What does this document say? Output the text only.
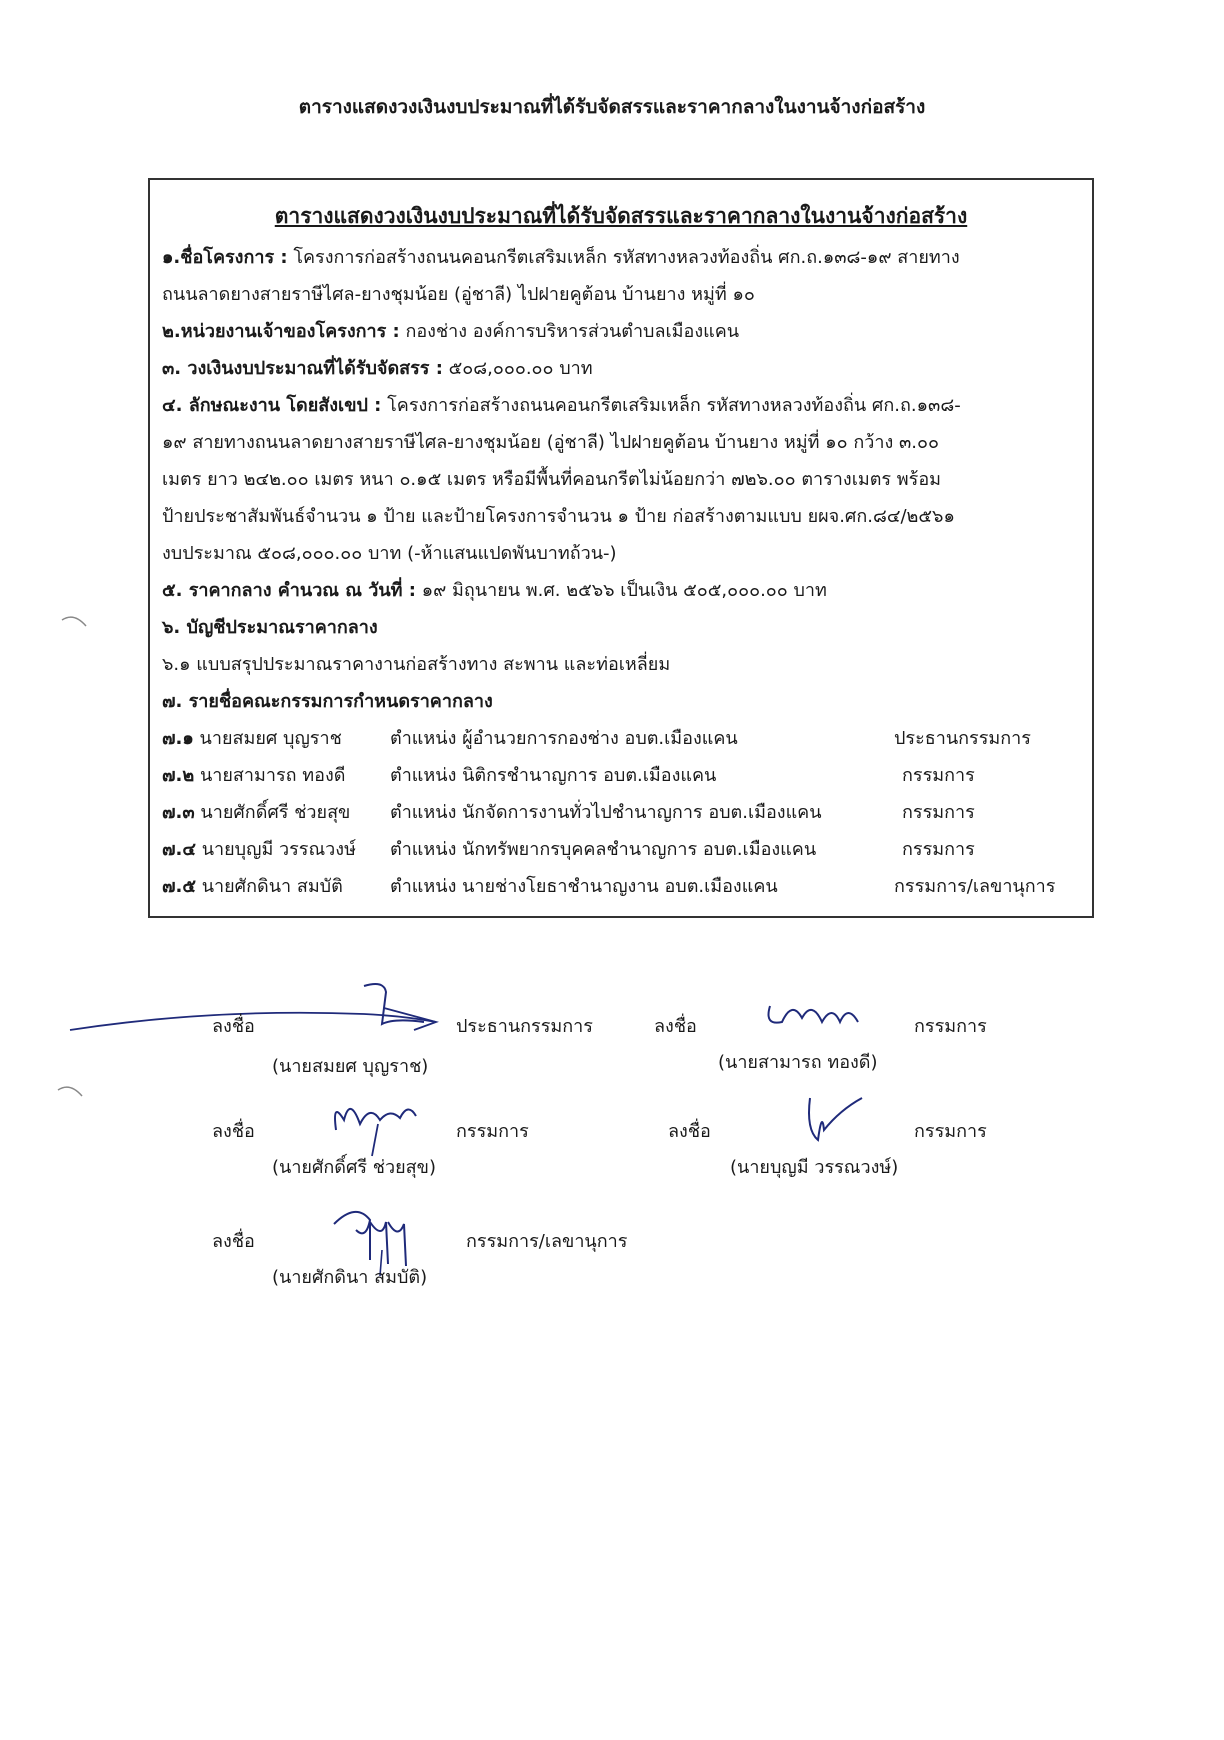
ตารางแสดงวงเงินงบประมาณที่ได้รับจัดสรรและราคากลางในงานจ้างก่อสร้าง
ตารางแสดงวงเงินงบประมาณที่ได้รับจัดสรรและราคากลางในงานจ้างก่อสร้าง
๑.ชื่อโครงการ : โครงการก่อสร้างถนนคอนกรีตเสริมเหล็ก รหัสทางหลวงท้องถิ่น ศก.ถ.๑๓๘-๑๙ สายทาง
ถนนลาดยางสายราษีไศล-ยางชุมน้อย (อู่ชาลี) ไปฝายคูต้อน บ้านยาง หมู่ที่ ๑๐
๒.หน่วยงานเจ้าของโครงการ : กองช่าง องค์การบริหารส่วนตำบลเมืองแคน
๓. วงเงินงบประมาณที่ได้รับจัดสรร : ๕๐๘,๐๐๐.๐๐ บาท
๔. ลักษณะงาน โดยสังเขป : โครงการก่อสร้างถนนคอนกรีตเสริมเหล็ก รหัสทางหลวงท้องถิ่น ศก.ถ.๑๓๘-
๑๙ สายทางถนนลาดยางสายราษีไศล-ยางชุมน้อย (อู่ชาลี) ไปฝายคูต้อน บ้านยาง หมู่ที่ ๑๐ กว้าง ๓.๐๐
เมตร ยาว ๒๔๒.๐๐ เมตร หนา ๐.๑๕ เมตร หรือมีพื้นที่คอนกรีตไม่น้อยกว่า ๗๒๖.๐๐ ตารางเมตร พร้อม
ป้ายประชาสัมพันธ์จำนวน ๑ ป้าย และป้ายโครงการจำนวน ๑ ป้าย ก่อสร้างตามแบบ ยผจ.ศก.๘๔/๒๕๖๑
งบประมาณ ๕๐๘,๐๐๐.๐๐ บาท (-ห้าแสนแปดพันบาทถ้วน-)
๕. ราคากลาง คำนวณ ณ วันที่ : ๑๙ มิถุนายน พ.ศ. ๒๕๖๖ เป็นเงิน ๕๐๕,๐๐๐.๐๐ บาท
๖. บัญชีประมาณราคากลาง
๖.๑ แบบสรุปประมาณราคางานก่อสร้างทาง สะพาน และท่อเหลี่ยม
๗. รายชื่อคณะกรรมการกำหนดราคากลาง
๗.๑ นายสมยศ บุญราช	ตำแหน่ง ผู้อำนวยการกองช่าง อบต.เมืองแคน	ประธานกรรมการ
๗.๒ นายสามารถ ทองดี ตำแหน่ง นิติกรชำนาญการ อบต.เมืองแคน	กรรมการ
๗.๓ นายศักดิ์ศรี ช่วยสุข ตำแหน่ง นักจัดการงานทั่วไปชำนาญการ อบต.เมืองแคน	กรรมการ
๗.๔ นายบุญมี วรรณวงษ์ ตำแหน่ง นักทรัพยากรบุคคลชำนาญการ อบต.เมืองแคน	กรรมการ
๗.๕ นายศักดินา สมบัติ	ตำแหน่ง นายช่างโยธาชำนาญงาน อบต.เมืองแคน	กรรมการ/เลขานุการ
ลงชื่อ	ประธานกรรมการ
(นายสมยศ บุญราช)
ลงชื่อ	กรรมการ
(นายสามารถ ทองดี)
ลงชื่อ	กรรมการ
(นายศักดิ์ศรี ช่วยสุข)
ลงชื่อ	กรรมการ
(นายบุญมี วรรณวงษ์)
ลงชื่อ	กรรมการ/เลขานุการ
(นายศักดินา สมบัติ)
